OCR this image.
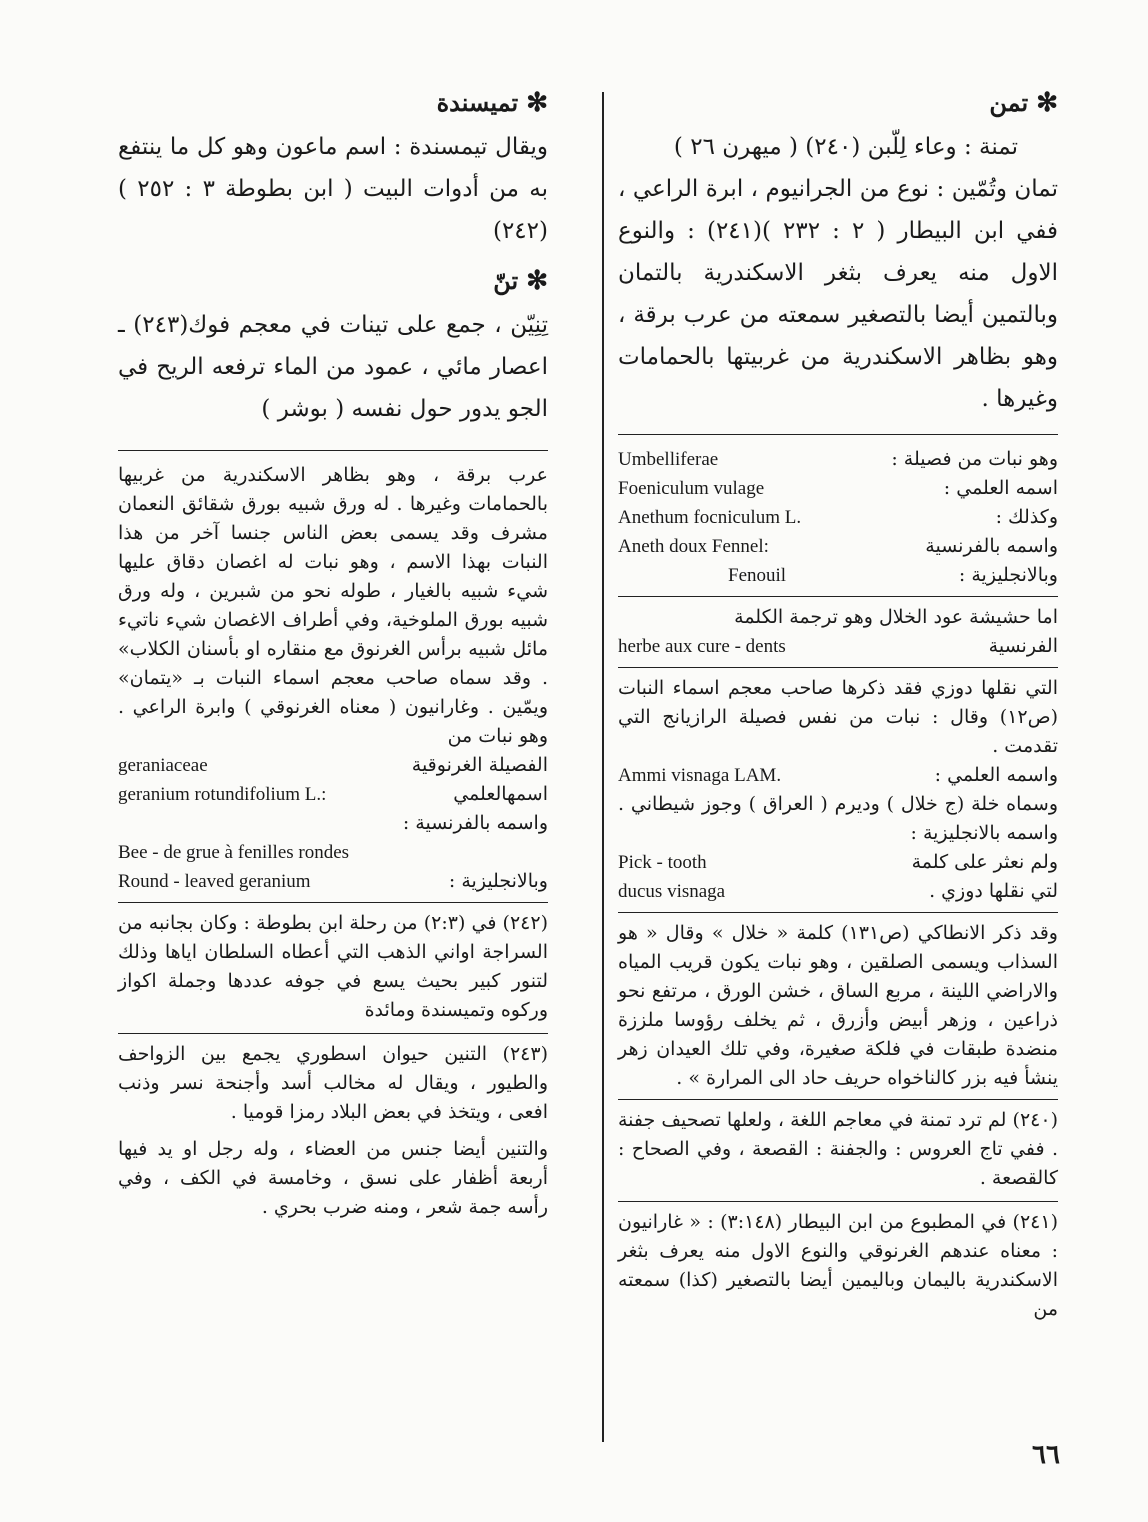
✻تمن
تمنة : وعاء لِلّبن (٢٤٠) ( ميهرن ٢٦ )
تمان وتُمّين : نوع من الجرانيوم ، ابرة الراعي ، ففي ابن البيطار ( ٢ : ٢٣٢ )(٢٤١) : والنوع الاول منه يعرف بثغر الاسكندرية بالتمان وبالتمين أيضا بالتصغير سمعته من عرب برقة ، وهو بظاهر الاسكندرية من غربيتها بالحمامات وغيرها .
وهو نبات من فصيلة :
Umbelliferae
اسمه العلمي :
Foeniculum vulage
وكذلك :
Anethum focniculum L.
واسمه بالفرنسية
Aneth doux Fennel:
وبالانجليزية :
Fenouil
اما حشيشة عود الخلال وهو ترجمة الكلمة
الفرنسية
herbe aux cure - dents
التي نقلها دوزي فقد ذكرها صاحب معجم اسماء النبات (ص١٢) وقال : نبات من نفس فصيلة الرازيانج التي تقدمت .
واسمه العلمي :
Ammi visnaga LAM.
وسماه خلة (ج خلال ) وديرم ( العراق ) وجوز شيطاني . واسمه بالانجليزية :
ولم نعثر على كلمة
Pick - tooth
لتي نقلها دوزي .
ducus visnaga
وقد ذكر الانطاكي (ص١٣١) كلمة « خلال » وقال « هو السذاب ويسمى الصلقين ، وهو نبات يكون قريب المياه والاراضي اللينة ، مربع الساق ، خشن الورق ، مرتفع نحو ذراعين ، وزهر أبيض وأزرق ، ثم يخلف رؤوسا ملززة منضدة طبقات في فلكة صغيرة، وفي تلك العيدان زهر ينشأ فيه بزر كالناخواه حريف حاد الى المرارة » .
(٢٤٠) لم ترد تمنة في معاجم اللغة ، ولعلها تصحيف جفنة . ففي تاج العروس : والجفنة : القصعة ، وفي الصحاح : كالقصعة .
(٢٤١) في المطبوع من ابن البيطار (٣:١٤٨) : « غارانيون : معناه عندهم الغرنوقي والنوع الاول منه يعرف بثغر الاسكندرية باليمان وباليمين أيضا بالتصغير (كذا) سمعته من
✻تميسندة
ويقال تيمسندة : اسم ماعون وهو كل ما ينتفع به من أدوات البيت ( ابن بطوطة ٣ : ٢٥٢ )(٢٤٢)
✻تنّ
تِنِيّن ، جمع على تينات في معجم فوك(٢٤٣) ـ اعصار مائي ، عمود من الماء ترفعه الريح في الجو يدور حول نفسه ( بوشر )
عرب برقة ، وهو بظاهر الاسكندرية من غربيها بالحمامات وغيرها . له ورق شبيه بورق شقائق النعمان مشرف وقد يسمى بعض الناس جنسا آخر من هذا النبات بهذا الاسم ، وهو نبات له اغصان دقاق عليها شيء شبيه بالغيار ، طوله نحو من شبرين ، وله ورق شبيه بورق الملوخية، وفي أطراف الاغصان شيء ناتيء مائل شبيه برأس الغرنوق مع منقاره او بأسنان الكلاب» . وقد سماه صاحب معجم اسماء النبات بـ «يتمان» ويمّين . وغارانيون ( معناه الغرنوقي ) وابرة الراعي . وهو نبات من
الفصيلة الغرنوقية
geraniaceae
اسمهالعلمي
geranium rotundifolium L.:
واسمه بالفرنسية :
Bee - de grue à fenilles rondes
وبالانجليزية :
Round - leaved geranium
(٢٤٢) في (٢:٣) من رحلة ابن بطوطة : وكان بجانبه من السراجة اواني الذهب التي أعطاه السلطان اياها وذلك لتنور كبير بحيث يسع في جوفه عددها وجملة اكواز وركوه وتميسندة ومائدة
(٢٤٣) التنين حيوان اسطوري يجمع بين الزواحف والطيور ، ويقال له مخالب أسد وأجنحة نسر وذنب افعى ، ويتخذ في بعض البلاد رمزا قوميا .
والتنين أيضا جنس من العضاء ، وله رجل او يد فيها أربعة أظفار على نسق ، وخامسة في الكف ، وفي رأسه جمة شعر ، ومنه ضرب بحري .
٦٦
